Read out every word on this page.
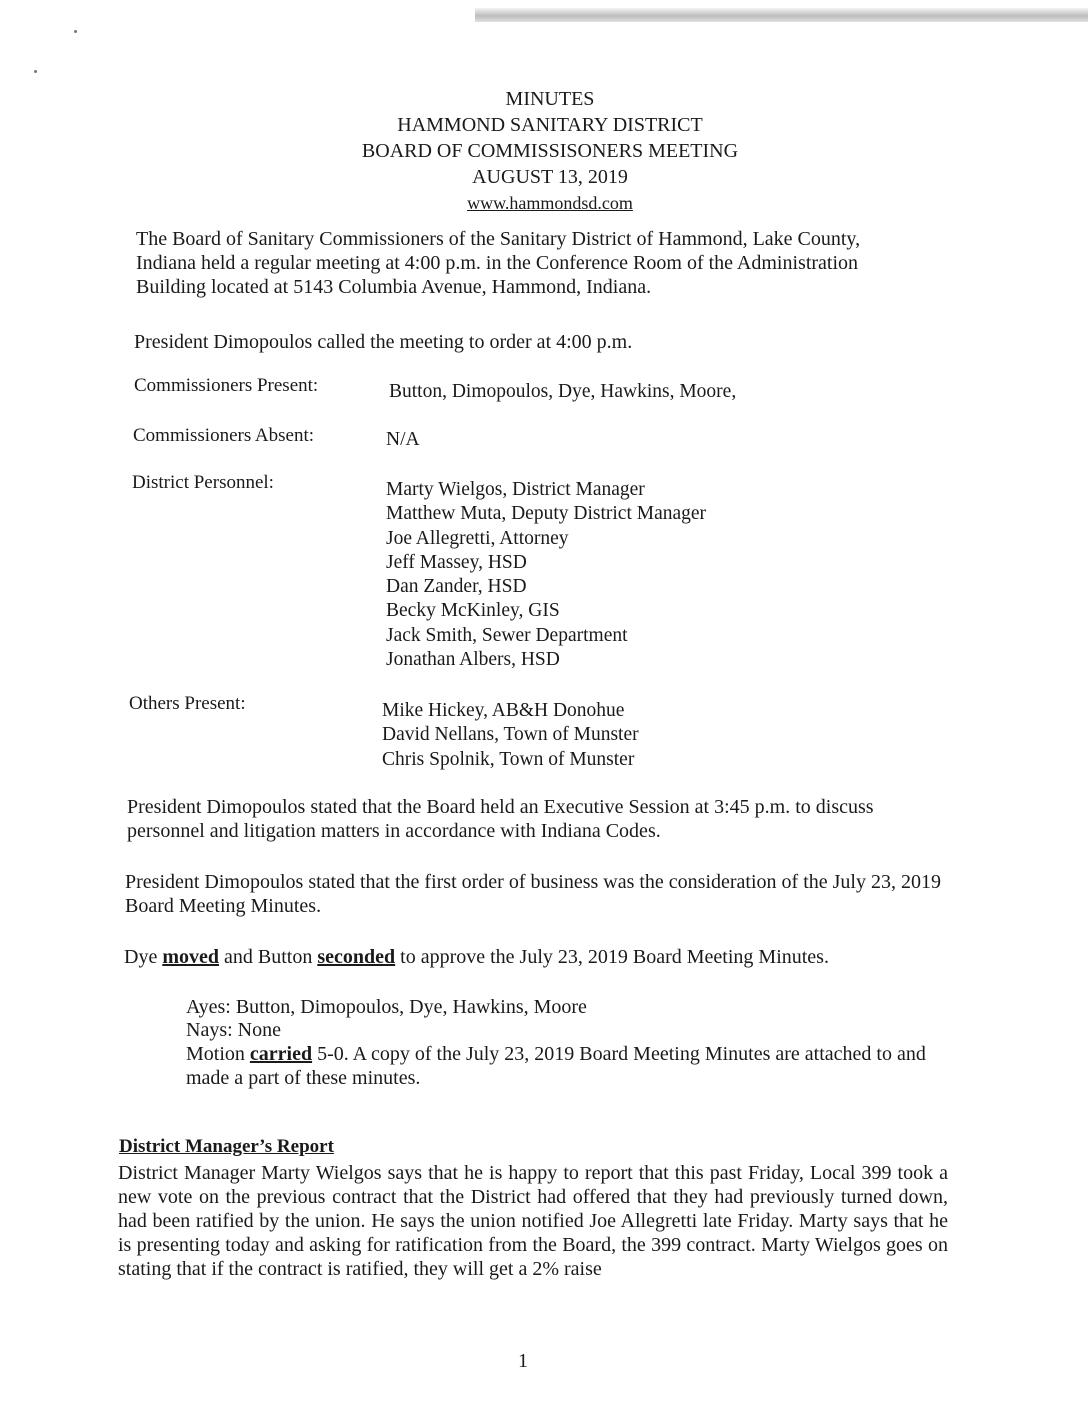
MINUTES
HAMMOND SANITARY DISTRICT
BOARD OF COMMISSISONERS MEETING
AUGUST 13, 2019
www.hammondsd.com

The Board of Sanitary Commissioners of the Sanitary District of Hammond, Lake County, Indiana held a regular meeting at 4:00 p.m. in the Conference Room of the Administration Building located at 5143 Columbia Avenue, Hammond, Indiana.

President Dimopoulos called the meeting to order at 4:00 p.m.

Commissioners Present:	Button, Dimopoulos, Dye, Hawkins, Moore,
Commissioners Absent:	N/A
District Personnel:	Marty Wielgos, District Manager
Matthew Muta, Deputy District Manager
Joe Allegretti, Attorney
Jeff Massey, HSD
Dan Zander, HSD
Becky McKinley, GIS
Jack Smith, Sewer Department
Jonathan Albers, HSD
Others Present:	Mike Hickey, AB&H Donohue
David Nellans, Town of Munster
Chris Spolnik, Town of Munster

President Dimopoulos stated that the Board held an Executive Session at 3:45 p.m. to discuss personnel and litigation matters in accordance with Indiana Codes.

President Dimopoulos stated that the first order of business was the consideration of the July 23, 2019 Board Meeting Minutes.

Dye moved and Button seconded to approve the July 23, 2019 Board Meeting Minutes.

Ayes: Button, Dimopoulos, Dye, Hawkins, Moore

Nays: None

Motion carried 5-0. A copy of the July 23, 2019 Board Meeting Minutes are attached to and made a part of these minutes.

District Manager’s Report

District Manager Marty Wielgos says that he is happy to report that this past Friday, Local 399 took a new vote on the previous contract that the District had offered that they had previously turned down, had been ratified by the union. He says the union notified Joe Allegretti late Friday. Marty says that he is presenting today and asking for ratification from the Board, the 399 contract. Marty Wielgos goes on stating that if the contract is ratified, they will get a 2% raise

1
